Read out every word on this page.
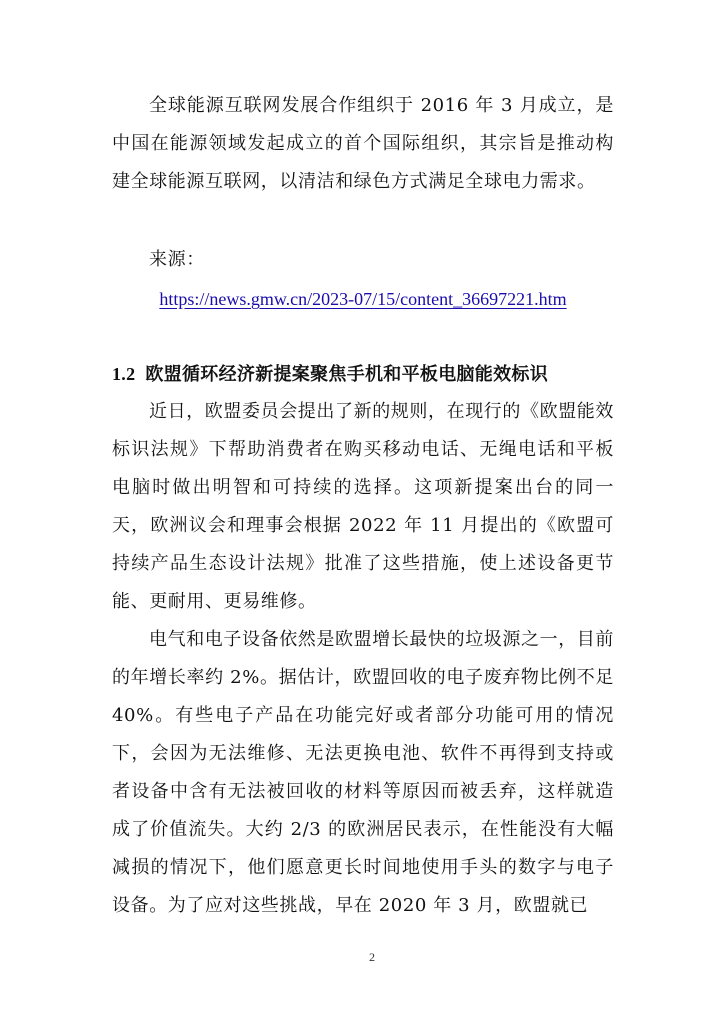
全球能源互联网发展合作组织于 2016 年 3 月成立，是中国在能源领域发起成立的首个国际组织，其宗旨是推动构建全球能源互联网，以清洁和绿色方式满足全球电力需求。

来源：

https://news.gmw.cn/2023-07/15/content_36697221.htm

1.2 欧盟循环经济新提案聚焦手机和平板电脑能效标识

近日，欧盟委员会提出了新的规则，在现行的《欧盟能效标识法规》下帮助消费者在购买移动电话、无绳电话和平板电脑时做出明智和可持续的选择。这项新提案出台的同一天，欧洲议会和理事会根据 2022 年 11 月提出的《欧盟可持续产品生态设计法规》批准了这些措施，使上述设备更节能、更耐用、更易维修。

电气和电子设备依然是欧盟增长最快的垃圾源之一，目前的年增长率约 2%。据估计，欧盟回收的电子废弃物比例不足 40%。有些电子产品在功能完好或者部分功能可用的情况下，会因为无法维修、无法更换电池、软件不再得到支持或者设备中含有无法被回收的材料等原因而被丢弃，这样就造成了价值流失。大约 2/3 的欧洲居民表示，在性能没有大幅减损的情况下，他们愿意更长时间地使用手头的数字与电子设备。为了应对这些挑战，早在 2020 年 3 月，欧盟就已

2
